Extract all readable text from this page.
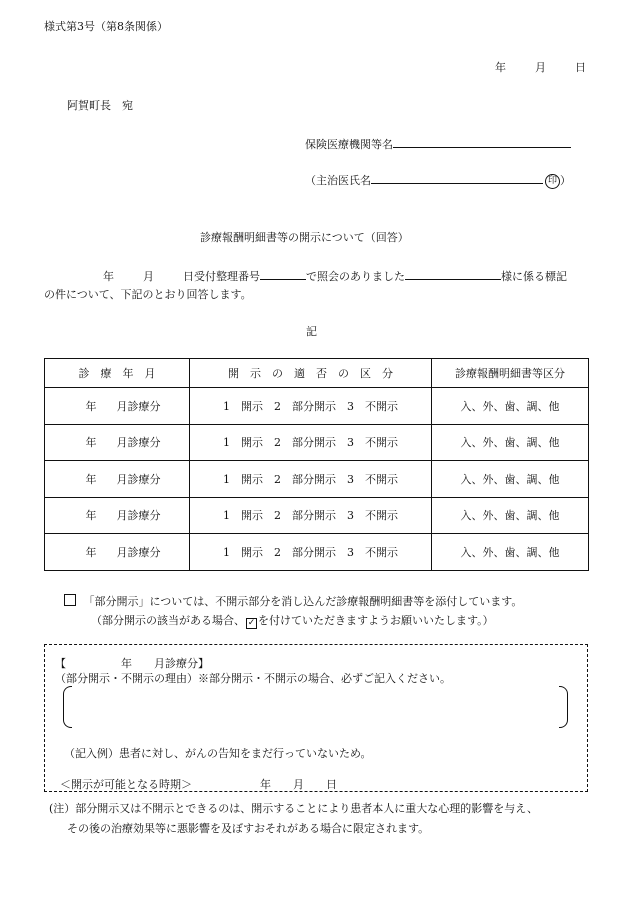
様式第3号（第8条関係）
年	月	日
阿賀町長　宛
保険医療機関等名
（主治医氏名	印 ）
診療報酬明細書等の開示について（回答）
年	月	日受付整理番号	で照会のありました	様に係る標記
の件について、下記のとおり回答します。
記
診　療　年　月	開　示　の　適　否　の　区　分	診療報酬明細書等区分
年 月診療分	1　開示　2　部分開示　3　不開示	入、外、歯、調、他
年 月診療分	1　開示　2　部分開示　3　不開示	入、外、歯、調、他
年 月診療分	1　開示　2　部分開示　3　不開示	入、外、歯、調、他
年 月診療分	1　開示　2　部分開示　3　不開示	入、外、歯、調、他
年 月診療分	1　開示　2　部分開示　3　不開示	入、外、歯、調、他
「部分開示」については、不開示部分を消し込んだ診療報酬明細書等を添付しています。
（部分開示の該当がある場合、 ✓ を付けていただきますようお願いいたします。）
【	年 月診療分】
（部分開示・不開示の理由）※部分開示・不開示の場合、必ずご記入ください。
（記入例）患者に対し、がんの告知をまだ行っていないため。
＜開示が可能となる時期＞	年 月 日
(注）部分開示又は不開示とできるのは、開示することにより患者本人に重大な心理的影響を与え、
その後の治療効果等に悪影響を及ぼすおそれがある場合に限定されます。
